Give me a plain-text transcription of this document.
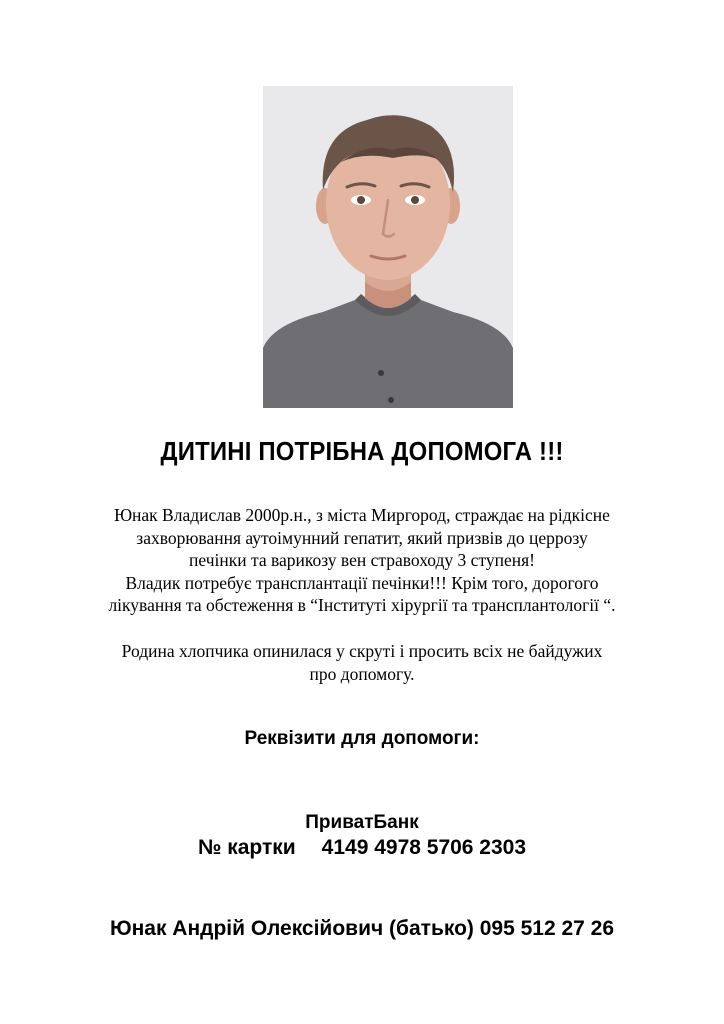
ДИТИНІ ПОТРІБНА ДОПОМОГА !!!
Юнак Владислав 2000р.н., з міста Миргород, страждає на рідкісне
захворювання аутоімунний гепатит, який призвів до церрозу
печінки та варикозу вен стравоходу 3 ступеня!
Владик потребує трансплантації печінки!!! Крім того, дорогого
лікування та обстеження в “Інституті хірургії та трансплантології “.
Родина хлопчика опинилася у скруті і просить всіх не байдужих
про допомогу.
Реквізити для допомоги:
ПриватБанк
№ картки 4149 4978 5706 2303
Юнак Андрій Олексійович (батько) 095 512 27 26
